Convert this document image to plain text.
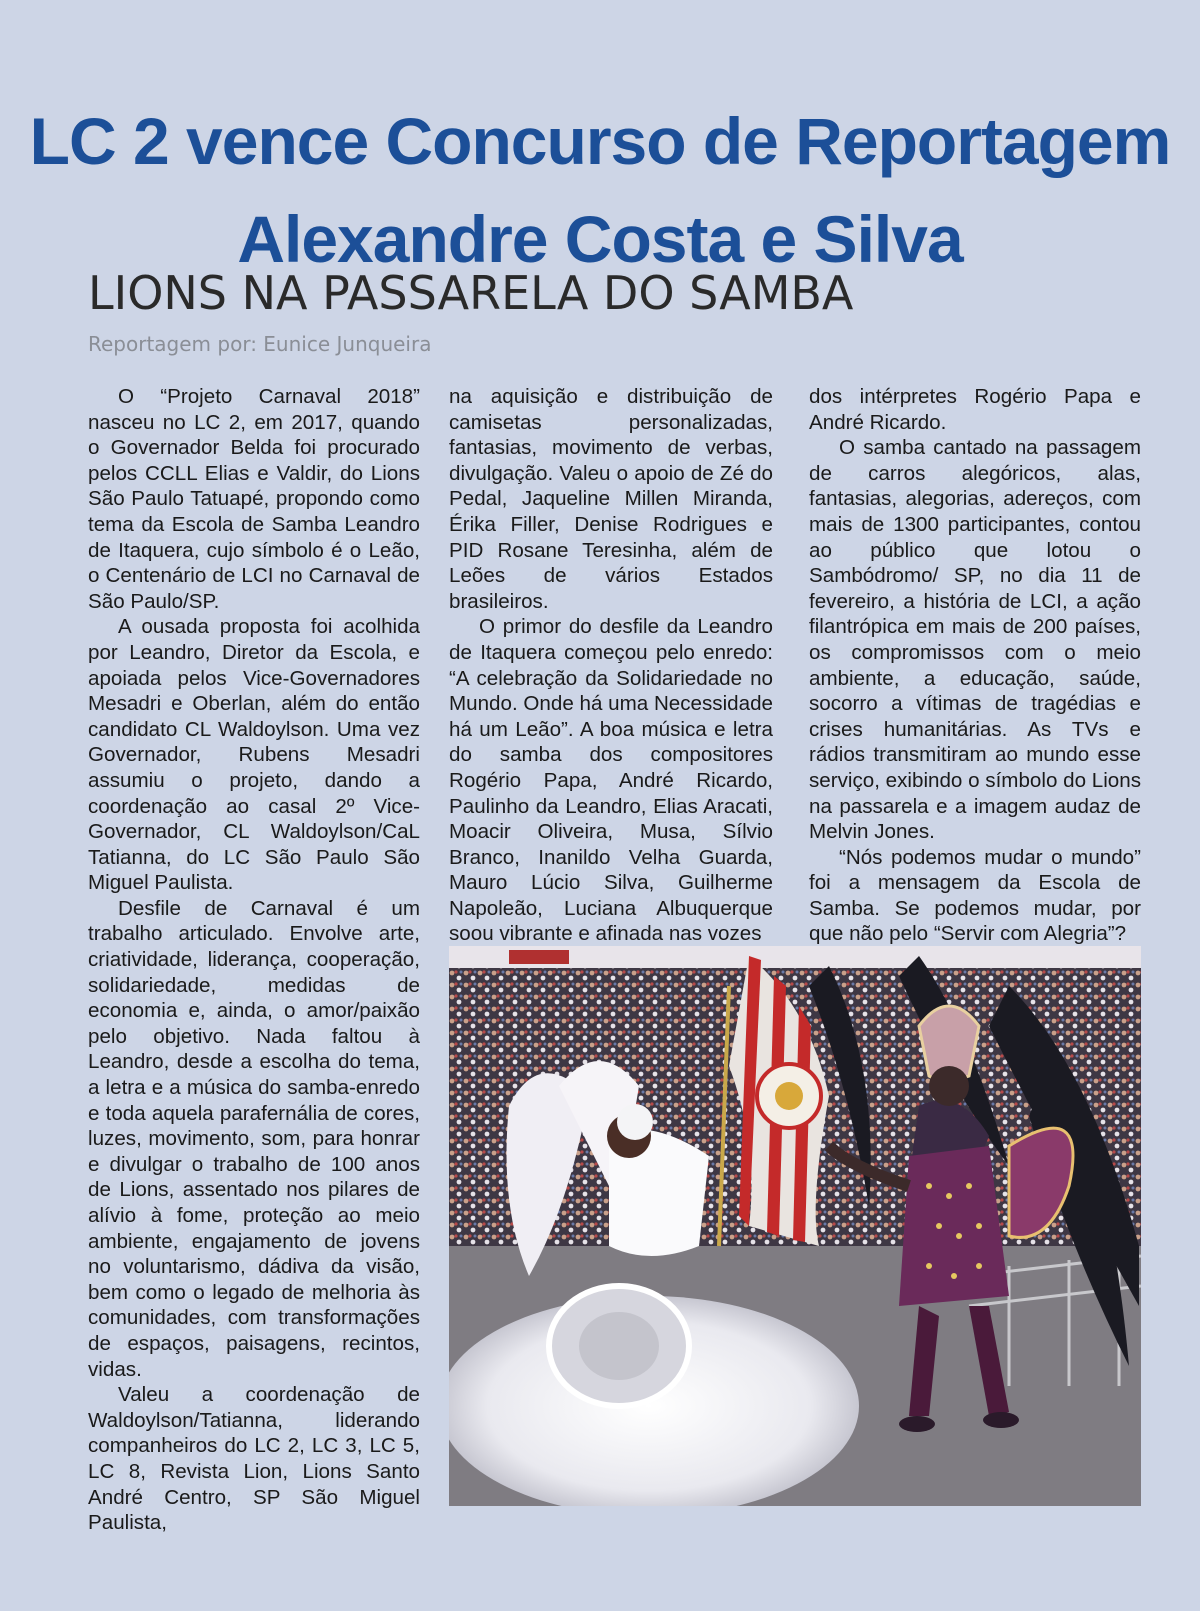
LC 2 vence Concurso de Reportagem
Alexandre Costa e Silva
LIONS NA PASSARELA DO SAMBA
Reportagem por: Eunice Junqueira

O “Projeto Carnaval 2018” nasceu no LC 2, em 2017, quando o Governador Belda foi procurado pelos CCLL Elias e Valdir, do Lions São Paulo Tatuapé, propondo como tema da Escola de Samba Leandro de Itaquera, cujo símbolo é o Leão, o Centenário de LCI no Carnaval de São Paulo/SP.

A ousada proposta foi acolhida por Leandro, Diretor da Escola, e apoiada pelos Vice-Governadores Mesadri e Oberlan, além do então candidato CL Waldoylson. Uma vez Governador, Rubens Mesadri assumiu o projeto, dando a coordenação ao casal 2º Vice-Governador, CL Waldoylson/CaL Tatianna, do LC São Paulo São Miguel Paulista.

Desfile de Carnaval é um trabalho articulado. Envolve arte, criatividade, liderança, cooperação, solidariedade, medidas de economia e, ainda, o amor/paixão pelo objetivo. Nada faltou à Leandro, desde a escolha do tema, a letra e a música do samba-enredo e toda aquela parafernália de cores, luzes, movimento, som, para honrar e divulgar o trabalho de 100 anos de Lions, assentado nos pilares de alívio à fome, proteção ao meio ambiente, engajamento de jovens no voluntarismo, dádiva da visão, bem como o legado de melhoria às comunidades, com transformações de espaços, paisagens, recintos, vidas.

Valeu a coordenação de Waldoylson/Tatianna, liderando companheiros do LC 2, LC 3, LC 5, LC 8, Revista Lion, Lions Santo André Centro, SP São Miguel Paulista,

na aquisição e distribuição de camisetas personalizadas, fantasias, movimento de verbas, divulgação. Valeu o apoio de Zé do Pedal, Jaqueline Millen Miranda, Érika Filler, Denise Rodrigues e PID Rosane Teresinha, além de Leões de vários Estados brasileiros.

O primor do desfile da Leandro de Itaquera começou pelo enredo: “A celebração da Solidariedade no Mundo. Onde há uma Necessidade há um Leão”. A boa música e letra do samba dos compositores Rogério Papa, André Ricardo, Paulinho da Leandro, Elias Aracati, Moacir Oliveira, Musa, Sílvio Branco, Inanildo Velha Guarda, Mauro Lúcio Silva, Guilherme Napoleão, Luciana Albuquerque soou vibrante e afinada nas vozes

dos intérpretes Rogério Papa e André Ricardo.

O samba cantado na passagem de carros alegóricos, alas, fantasias, alegorias, adereços, com mais de 1300 participantes, contou ao público que lotou o Sambódromo/ SP, no dia 11 de fevereiro, a história de LCI, a ação filantrópica em mais de 200 países, os compromissos com o meio ambiente, a educação, saúde, socorro a vítimas de tragédias e crises humanitárias. As TVs e rádios transmitiram ao mundo esse serviço, exibindo o símbolo do Lions na passarela e a imagem audaz de Melvin Jones.

“Nós podemos mudar o mundo” foi a mensagem da Escola de Samba. Se podemos mudar, por que não pelo “Servir com Alegria”?
